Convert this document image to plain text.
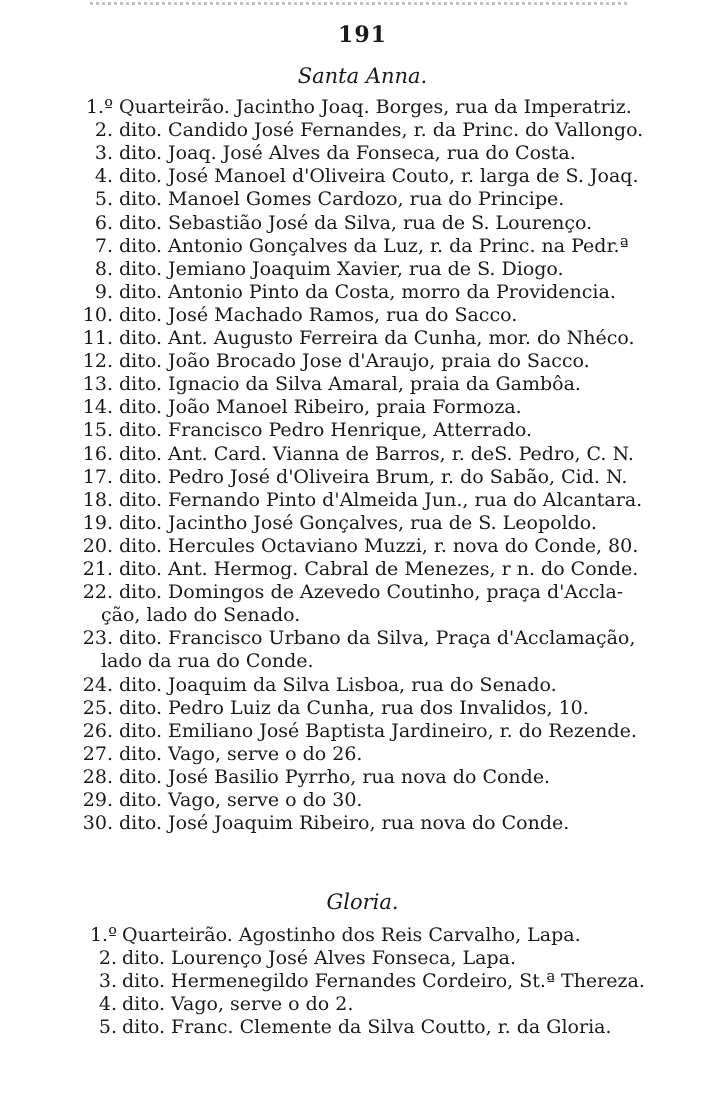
191
Santa Anna.
1.º Quarteirão. Jacintho Joaq. Borges, rua da Imperatriz.
2. dito. Candido José Fernandes, r. da Princ. do Vallongo.
3. dito. Joaq. José Alves da Fonseca, rua do Costa.
4. dito. José Manoel d'Oliveira Couto, r. larga de S. Joaq.
5. dito. Manoel Gomes Cardozo, rua do Principe.
6. dito. Sebastião José da Silva, rua de S. Lourenço.
7. dito. Antonio Gonçalves da Luz, r. da Princ. na Pedr.ª
8. dito. Jemiano Joaquim Xavier, rua de S. Diogo.
9. dito. Antonio Pinto da Costa, morro da Providencia.
10. dito. José Machado Ramos, rua do Sacco.
11. dito. Ant. Augusto Ferreira da Cunha, mor. do Nhéco.
12. dito. João Brocado Jose d'Araujo, praia do Sacco.
13. dito. Ignacio da Silva Amaral, praia da Gambôa.
14. dito. João Manoel Ribeiro, praia Formoza.
15. dito. Francisco Pedro Henrique, Atterrado.
16. dito. Ant. Card. Vianna de Barros, r. deS. Pedro, C. N.
17. dito. Pedro José d'Oliveira Brum, r. do Sabão, Cid. N.
18. dito. Fernando Pinto d'Almeida Jun., rua do Alcantara.
19. dito. Jacintho José Gonçalves, rua de S. Leopoldo.
20. dito. Hercules Octaviano Muzzi, r. nova do Conde, 80.
21. dito. Ant. Hermog. Cabral de Menezes, r n. do Conde.
22. dito. Domingos de Azevedo Coutinho, praça d'Accla-
ção, lado do Senado.
23. dito. Francisco Urbano da Silva, Praça d'Acclamação,
lado da rua do Conde.
24. dito. Joaquim da Silva Lisboa, rua do Senado.
25. dito. Pedro Luiz da Cunha, rua dos Invalidos, 10.
26. dito. Emiliano José Baptista Jardineiro, r. do Rezende.
27. dito. Vago, serve o do 26.
28. dito. José Basilio Pyrrho, rua nova do Conde.
29. dito. Vago, serve o do 30.
30. dito. José Joaquim Ribeiro, rua nova do Conde.
Gloria.
1.º Quarteirão. Agostinho dos Reis Carvalho, Lapa.
2. dito. Lourenço José Alves Fonseca, Lapa.
3. dito. Hermenegildo Fernandes Cordeiro, St.ª Thereza.
4. dito. Vago, serve o do 2.
5. dito. Franc. Clemente da Silva Coutto, r. da Gloria.
